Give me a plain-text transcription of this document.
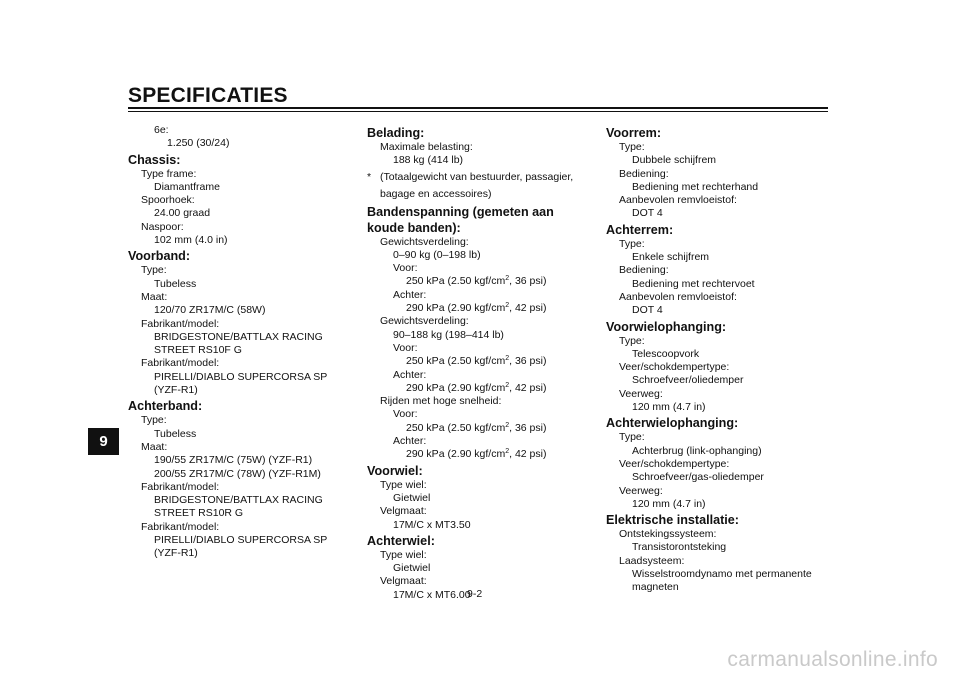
SPECIFICATIES
9
6e:
1.250 (30/24)
Chassis:
Type frame:
Diamantframe
Spoorhoek:
24.00 graad
Naspoor:
102 mm (4.0 in)
Voorband:
Type:
Tubeless
Maat:
120/70 ZR17M/C (58W)
Fabrikant/model:
BRIDGESTONE/BATTLAX RACING
STREET RS10F G
Fabrikant/model:
PIRELLI/DIABLO SUPERCORSA SP
(YZF-R1)
Achterband:
Type:
Tubeless
Maat:
190/55 ZR17M/C (75W) (YZF-R1)
200/55 ZR17M/C (78W) (YZF-R1M)
Fabrikant/model:
BRIDGESTONE/BATTLAX RACING
STREET RS10R G
Fabrikant/model:
PIRELLI/DIABLO SUPERCORSA SP
(YZF-R1)
Belading:
Maximale belasting:
188 kg (414 lb)
* (Totaalgewicht van bestuurder, passagier, bagage en accessoires)
Bandenspanning (gemeten aan koude banden):
Gewichtsverdeling:
0–90 kg (0–198 lb)
Voor:
250 kPa (2.50 kgf/$cm^2$, 36 psi)
Achter:
290 kPa (2.90 kgf/$cm^2$, 42 psi)
Gewichtsverdeling:
90–188 kg (198–414 lb)
Voor:
250 kPa (2.50 kgf/$cm^2$, 36 psi)
Achter:
290 kPa (2.90 kgf/$cm^2$, 42 psi)
Rijden met hoge snelheid:
Voor:
250 kPa (2.50 kgf/$cm^2$, 36 psi)
Achter:
290 kPa (2.90 kgf/$cm^2$, 42 psi)
Voorwiel:
Type wiel:
Gietwiel
Velgmaat:
17M/C x MT3.50
Achterwiel:
Type wiel:
Gietwiel
Velgmaat:
17M/C x MT6.00
Voorrem:
Type:
Dubbele schijfrem
Bediening:
Bediening met rechterhand
Aanbevolen remvloeistof:
DOT 4
Achterrem:
Type:
Enkele schijfrem
Bediening:
Bediening met rechtervoet
Aanbevolen remvloeistof:
DOT 4
Voorwielophanging:
Type:
Telescoopvork
Veer/schokdempertype:
Schroefveer/oliedemper
Veerweg:
120 mm (4.7 in)
Achterwielophanging:
Type:
Achterbrug (link-ophanging)
Veer/schokdempertype:
Schroefveer/gas-oliedemper
Veerweg:
120 mm (4.7 in)
Elektrische installatie:
Ontstekingssysteem:
Transistorontsteking
Laadsysteem:
Wisselstroomdynamo met permanente
magneten
9-2
carmanualsonline.info
